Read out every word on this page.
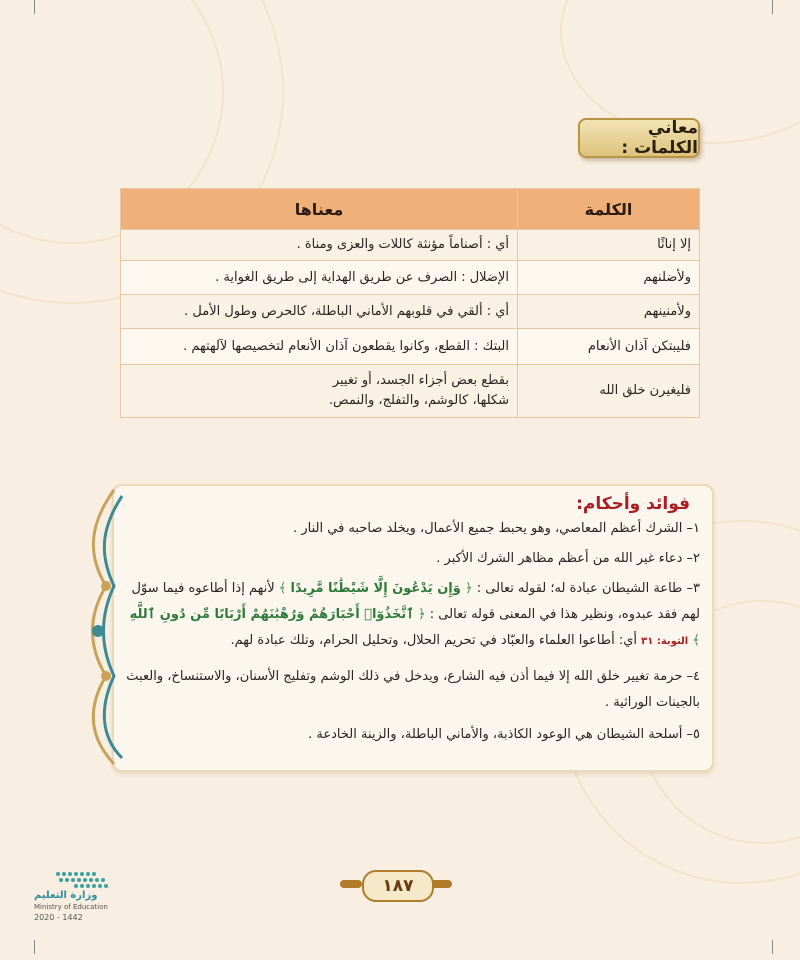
معاني الكلمات :
الكلمة	معناها
إلا إناثًا	أي : أصناماً مؤنثة كاللات والعزى ومناة .
ولأضلنهم	الإضلال : الصرف عن طريق الهداية إلى طريق الغواية .
ولأمنينهم	أي : ألقي في قلوبهم الأماني الباطلة، كالحرص وطول الأمل .
فليبتكن آذان الأنعام	البتك : القطع، وكانوا يقطعون آذان الأنعام لتخصيصها لآلهتهم .
فليغيرن خلق الله	بقطع بعض أجزاء الجسد، أو تغيير شكلها، كالوشم، والتفلج، والنمص.
فوائد وأحكام:
١– الشرك أعظم المعاصي، وهو يحبط جميع الأعمال، ويخلد صاحبه في النار .
٢– دعاء غير الله من أعظم مظاهر الشرك الأكبر .
٣– طاعة الشيطان عبادة له؛ لقوله تعالى : ﴿ وَإِن يَدْعُونَ إِلَّا شَيْطَٰنًا مَّرِيدًا ﴾ لأنهم إذا أطاعوه فيما سوّل لهم فقد عبدوه، ونظير هذا في المعنى قوله تعالى : ﴿ ٱتَّخَذُوٓا۟ أَحْبَارَهُمْ وَرُهْبَٰنَهُمْ أَرْبَابًا مِّن دُونِ ٱللَّهِ ﴾ التوبة: ٣١ أي: أطاعوا العلماء والعبّاد في تحريم الحلال، وتحليل الحرام، وتلك عبادة لهم.
٤– حرمة تغيير خلق الله إلا فيما أذن فيه الشارع، ويدخل في ذلك الوشم وتفليج الأسنان، والاستنساخ، والعبث بالجينات الوراثية .
٥– أسلحة الشيطان هي الوعود الكاذبة، والأماني الباطلة، والزينة الخادعة .
١٨٧
وزارة التعليم
Ministry of Education
2020 - 1442
